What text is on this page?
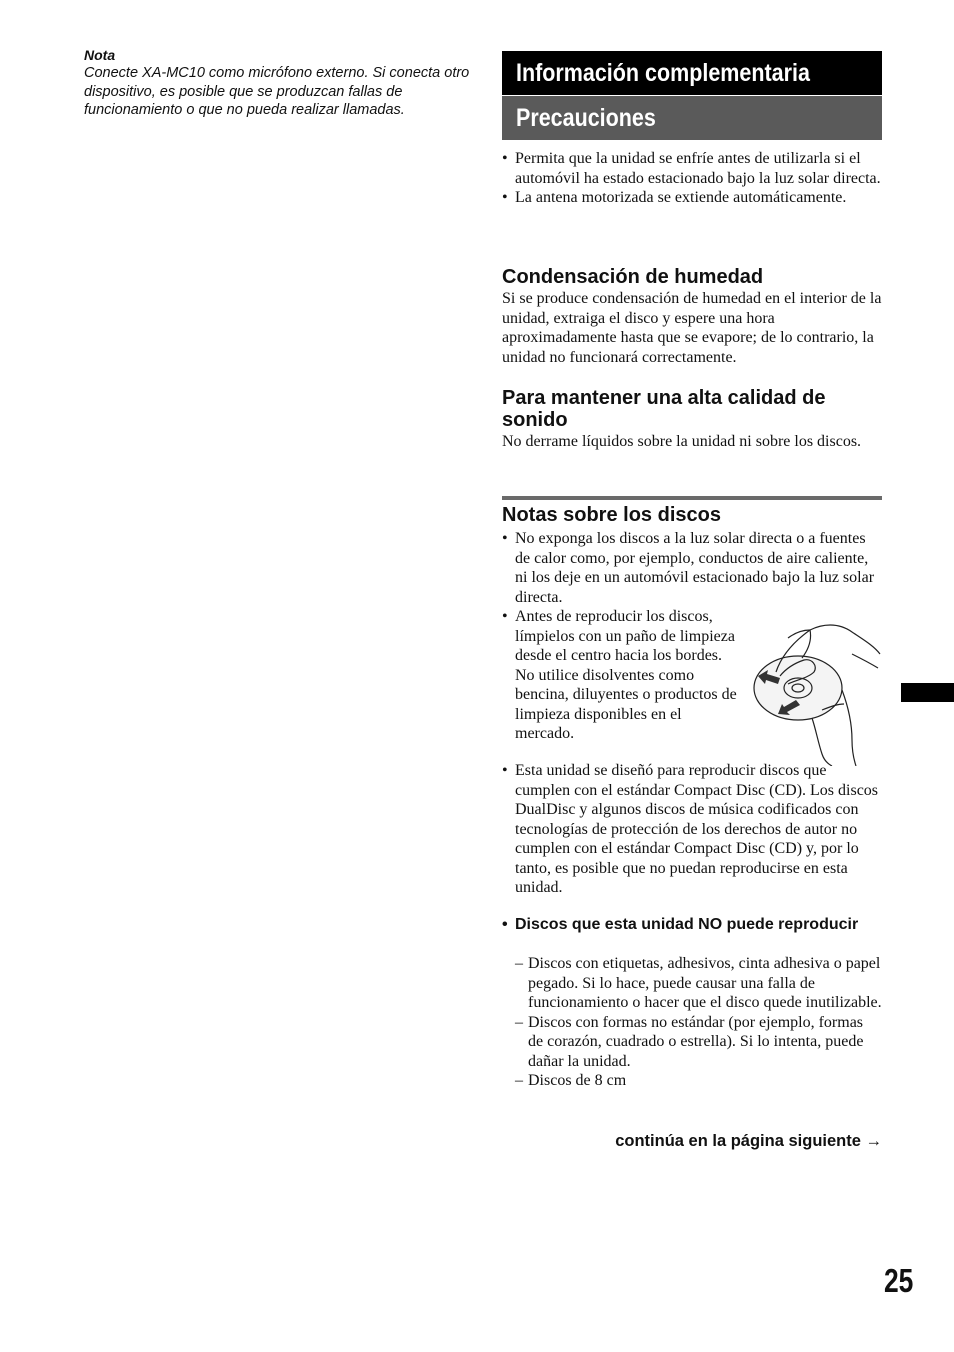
Nota
Conecte XA-MC10 como micrófono externo. Si conecta otro dispositivo, es posible que se produzcan fallas de funcionamiento o que no pueda realizar llamadas.
Información complementaria
Precauciones
• Permita que la unidad se enfríe antes de utilizarla si el automóvil ha estado estacionado bajo la luz solar directa.
• La antena motorizada se extiende automáticamente.
Condensación de humedad
Si se produce condensación de humedad en el interior de la unidad, extraiga el disco y espere una hora aproximadamente hasta que se evapore; de lo contrario, la unidad no funcionará correctamente.
Para mantener una alta calidad de sonido
No derrame líquidos sobre la unidad ni sobre los discos.
Notas sobre los discos
• No exponga los discos a la luz solar directa o a fuentes de calor como, por ejemplo, conductos de aire caliente, ni los deje en un automóvil estacionado bajo la luz solar directa.
• Antes de reproducir los discos, límpielos con un paño de limpieza desde el centro hacia los bordes. No utilice disolventes como bencina, diluyentes o productos de limpieza disponibles en el mercado.
• Esta unidad se diseñó para reproducir discos que cumplen con el estándar Compact Disc (CD). Los discos DualDisc y algunos discos de música codificados con tecnologías de protección de los derechos de autor no cumplen con el estándar Compact Disc (CD) y, por lo tanto, es posible que no puedan reproducirse en esta unidad.
• Discos que esta unidad NO puede reproducir
– Discos con etiquetas, adhesivos, cinta adhesiva o papel pegado. Si lo hace, puede causar una falla de funcionamiento o hacer que el disco quede inutilizable.
– Discos con formas no estándar (por ejemplo, formas de corazón, cuadrado o estrella). Si lo intenta, puede dañar la unidad.
– Discos de 8 cm
continúa en la página siguiente →
25
